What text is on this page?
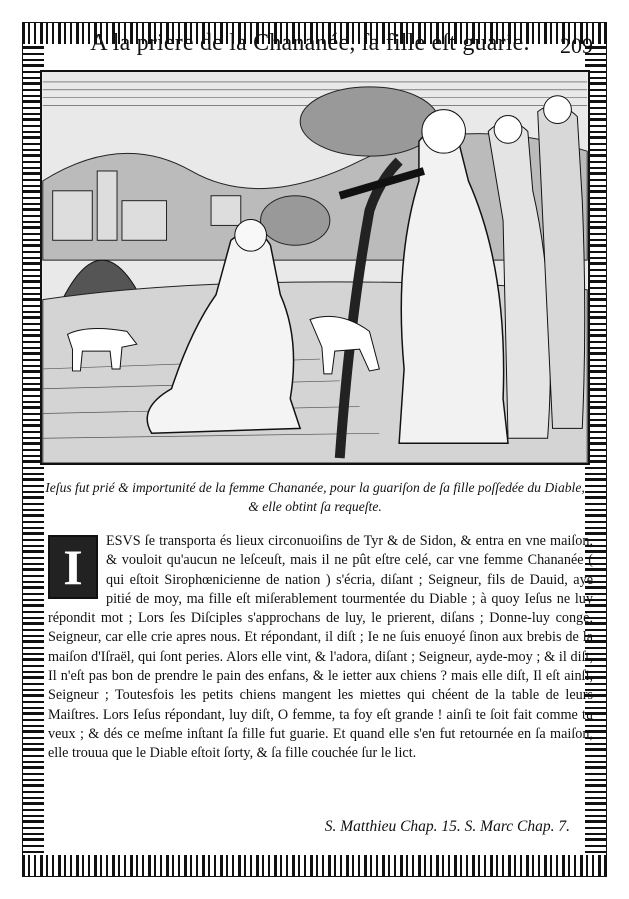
A la priere de la Chananée, ſa fille eſt guarie. 209
Ieſus fut prié & importunité de la femme Chananée, pour la guariſon de ſa fille poſſedée du Diable, & elle obtint ſa requeſte.
I	ESVS ſe transporta és lieux circonuoiſins de Tyr & de Sidon, & entra en vne maiſon, & vouloit qu'aucun ne leſceuſt, mais il ne pût eſtre celé, car vne femme Chananée ( qui eſtoit Sirophœnicienne de nation ) s'écria, diſant ; Seigneur, fils de Dauid, aye pitié de moy, ma fille eſt miſerablement tourmentée du Diable ; à quoy Ieſus ne luy répondit mot ; Lors ſes Diſciples s'approchans de luy, le prierent, diſans ; Donne-luy congé, Seigneur, car elle crie apres nous. Et répondant, il diſt ; Ie ne ſuis enuoyé ſinon aux brebis de la maiſon d'Iſraël, qui ſont peries. Alors elle vint, & l'adora, diſant ; Seigneur, ayde-moy ; & il diſt, Il n'eſt pas bon de prendre le pain des enfans, & le ietter aux chiens ? mais elle diſt, Il eſt ainſi, Seigneur ; Toutesfois les petits chiens mangent les miettes qui chéent de la table de leurs Maiſtres. Lors Ieſus répondant, luy diſt, O femme, ta foy eſt grande ! ainſi te ſoit fait comme tu veux ; & dés ce meſme inſtant ſa fille fut guarie. Et quand elle s'en fut retournée en ſa maiſon, elle trouua que le Diable eſtoit ſorty, & ſa fille couchée ſur le lict.
S. Matthieu Chap. 15. S. Marc Chap. 7.
